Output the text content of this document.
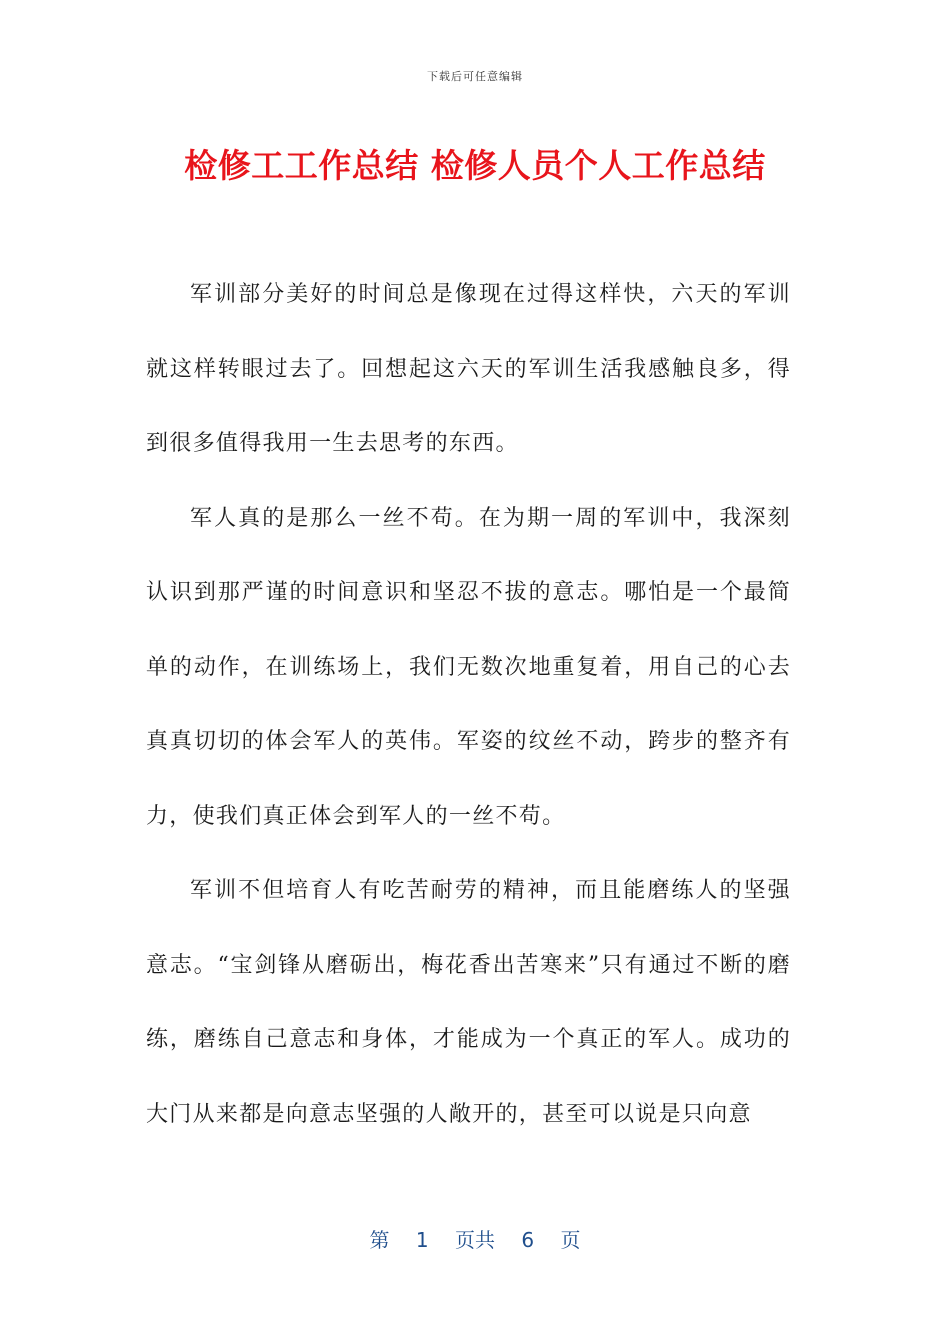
下载后可任意编辑
检修工工作总结 检修人员个人工作总结

军训部分美好的时间总是像现在过得这样快，六天的军训就这样转眼过去了。回想起这六天的军训生活我感触良多，得到很多值得我用一生去思考的东西。

军人真的是那么一丝不苟。在为期一周的军训中，我深刻认识到那严谨的时间意识和坚忍不拔的意志。哪怕是一个最简单的动作，在训练场上，我们无数次地重复着，用自己的心去真真切切的体会军人的英伟。军姿的纹丝不动，跨步的整齐有力，使我们真正体会到军人的一丝不苟。

军训不但培育人有吃苦耐劳的精神，而且能磨练人的坚强意志。“宝剑锋从磨砺出，梅花香出苦寒来”只有通过不断的磨练，磨练自己意志和身体，才能成为一个真正的军人。成功的大门从来都是向意志坚强的人敞开的，甚至可以说是只向意

第 1 页共 6 页
